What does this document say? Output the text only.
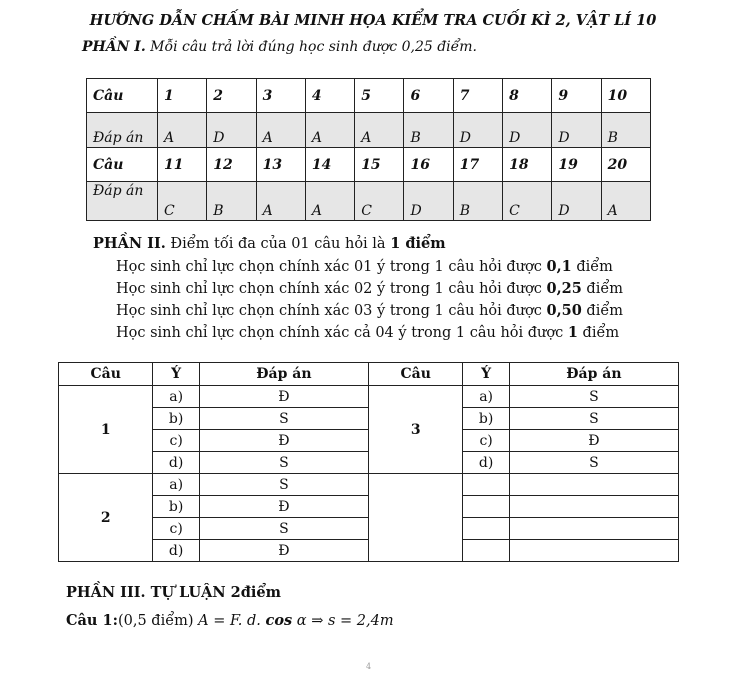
HƯỚNG DẪN CHẤM BÀI MINH HỌA KIỂM TRA CUỐI KÌ 2, VẬT LÍ 10
PHẦN I. Mỗi câu trả lời đúng học sinh được 0,25 điểm.
Câu	1	2	3	4	5	6	7	8	9	10
Đáp án	A	D	A	A	A	B	D	D	D	B
Câu	11	12	13	14	15	16	17	18	19	20
Đáp án	C	B	A	A	C	D	B	C	D	A
PHẦN II. Điểm tối đa của 01 câu hỏi là 1 điểm
Học sinh chỉ lực chọn chính xác 01 ý trong 1 câu hỏi được 0,1 điểm
Học sinh chỉ lực chọn chính xác 02 ý trong 1 câu hỏi được 0,25 điểm
Học sinh chỉ lực chọn chính xác 03 ý trong 1 câu hỏi được 0,50 điểm
Học sinh chỉ lực chọn chính xác cả 04 ý trong 1 câu hỏi được 1 điểm
Câu	Ý	Đáp án	Câu	Ý	Đáp án
1	a)	Đ	3	a)	S
	b)	S		b)	S
	c)	Đ		c)	Đ
	d)	S		d)	S
2	a)	S			
	b)	Đ			
	c)	S			
	d)	Đ			
PHẦN III. TỰ LUẬN 2điểm
Câu 1:(0,5 điểm) A = F. d. cos α ⇒ s = 2,4m
4
